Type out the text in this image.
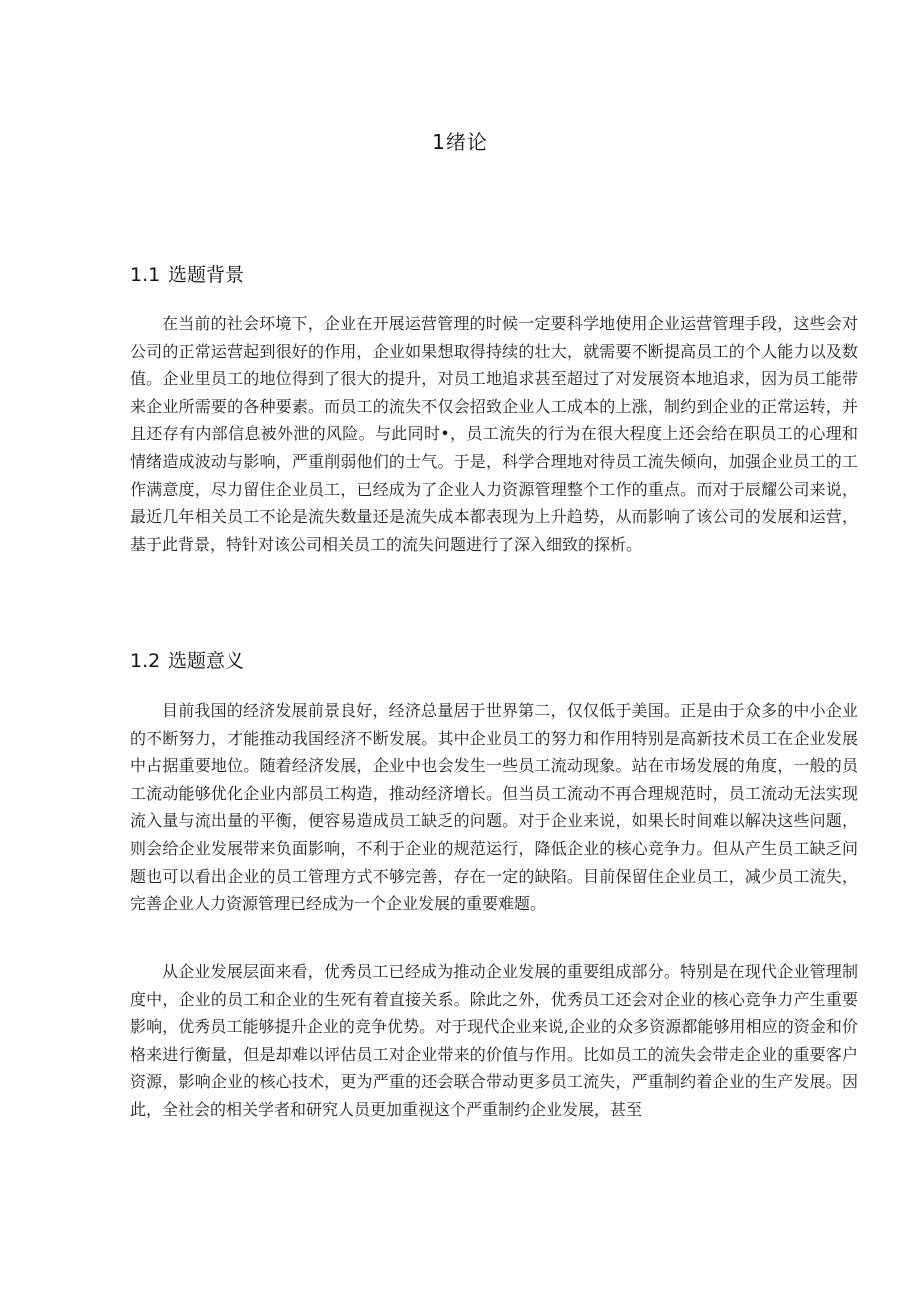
1绪论
1.1 选题背景

在当前的社会环境下，企业在开展运营管理的时候一定要科学地使用企业运营管理手段，这些会对公司的正常运营起到很好的作用，企业如果想取得持续的壮大，就需要不断提高员工的个人能力以及数值。企业里员工的地位得到了很大的提升，对员工地追求甚至超过了对发展资本地追求，因为员工能带来企业所需要的各种要素。而员工的流失不仅会招致企业人工成本的上涨，制约到企业的正常运转，并且还存有内部信息被外泄的风险。与此同时•，员工流失的行为在很大程度上还会给在职员工的心理和情绪造成波动与影响，严重削弱他们的士气。于是，科学合理地对待员工流失倾向，加强企业员工的工作满意度，尽力留住企业员工，已经成为了企业人力资源管理整个工作的重点。而对于辰耀公司来说，最近几年相关员工不论是流失数量还是流失成本都表现为上升趋势，从而影响了该公司的发展和运营，基于此背景，特针对该公司相关员工的流失问题进行了深入细致的探析。

1.2 选题意义

目前我国的经济发展前景良好，经济总量居于世界第二，仅仅低于美国。正是由于众多的中小企业的不断努力，才能推动我国经济不断发展。其中企业员工的努力和作用特别是高新技术员工在企业发展中占据重要地位。随着经济发展，企业中也会发生一些员工流动现象。站在市场发展的角度，一般的员工流动能够优化企业内部员工构造，推动经济增长。但当员工流动不再合理规范时，员工流动无法实现流入量与流出量的平衡，便容易造成员工缺乏的问题。对于企业来说，如果长时间难以解决这些问题，则会给企业发展带来负面影响，不利于企业的规范运行，降低企业的核心竞争力。但从产生员工缺乏问题也可以看出企业的员工管理方式不够完善，存在一定的缺陷。目前保留住企业员工，减少员工流失，完善企业人力资源管理已经成为一个企业发展的重要难题。

从企业发展层面来看，优秀员工已经成为推动企业发展的重要组成部分。特别是在现代企业管理制度中，企业的员工和企业的生死有着直接关系。除此之外，优秀员工还会对企业的核心竞争力产生重要影响，优秀员工能够提升企业的竞争优势。对于现代企业来说,企业的众多资源都能够用相应的资金和价格来进行衡量，但是却难以评估员工对企业带来的价值与作用。比如员工的流失会带走企业的重要客户资源，影响企业的核心技术，更为严重的还会联合带动更多员工流失，严重制约着企业的生产发展。因此，全社会的相关学者和研究人员更加重视这个严重制约企业发展，甚至
